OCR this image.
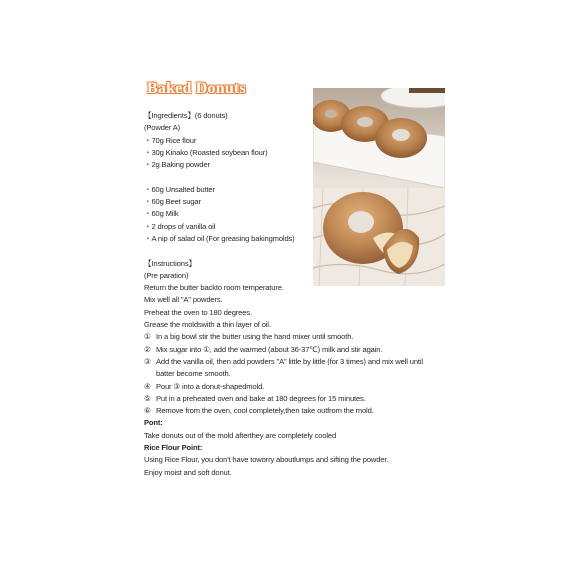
Baked Donuts
【Ingredients】(6 donuts)
(Powder A)
・70g Rice flour
・30g Kinako (Roasted soybean flour)
・2g Baking powder
・60g Unsalted butter
・60g Beet sugar
・60g Milk
・2 drops of vanilla oil
・A nip of salad oil (For greasing bakingmolds)
【Instructions】
(Pre paration)
Return the butter backto room temperature.
Mix well all "A" powders.
Preheat the oven to 180 degrees.
Grease the moldswith a thin layer of oil.
① In a big bowl stir the butter using the hand mixer until smooth.
② Mix sugar into ①, add the warmed (about 36-37℃) milk and stir again.
③ Add the vanilla oil, then add powders "A" little by little (for 3 times) and mix well until
batter become smooth.
④ Pour ③ into a donut-shapedmold.
⑤ Put in a preheated oven and bake at 180 degrees for 15 minutes.
⑥ Remove from the oven, cool completely,then take outfrom the mold.
Pont:
Take donuts out of the mold afterthey are completely cooled
Rice Flour Point:
Using Rice Flour, you don't have toworry aboutlumps and sifting the powder.
Enjoy moist and soft donut.
